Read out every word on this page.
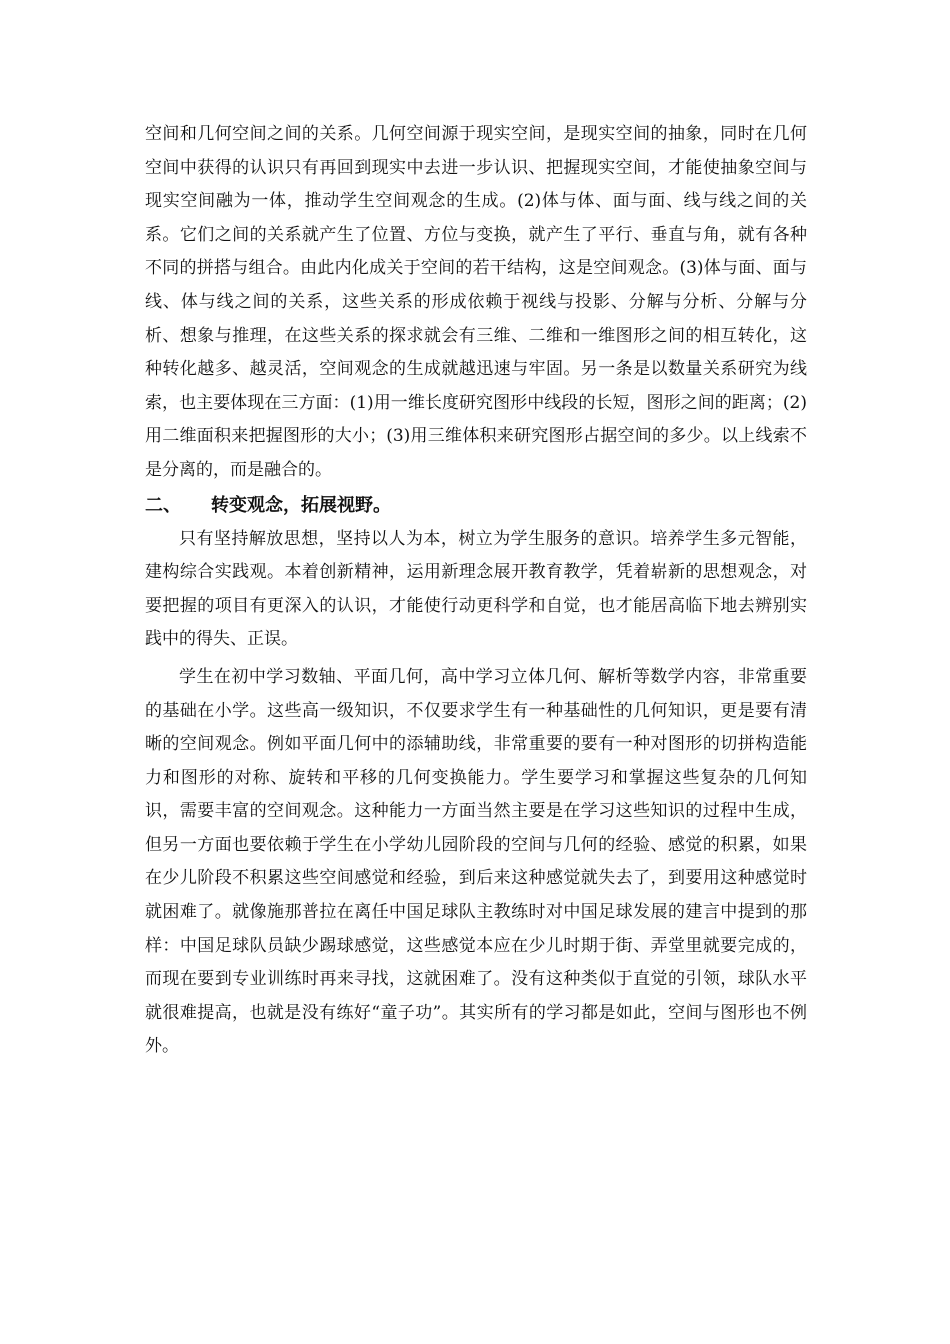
空间和几何空间之间的关系。几何空间源于现实空间，是现实空间的抽象，同时在几何空间中获得的认识只有再回到现实中去进一步认识、把握现实空间，才能使抽象空间与现实空间融为一体，推动学生空间观念的生成。(2)体与体、面与面、线与线之间的关系。它们之间的关系就产生了位置、方位与变换，就产生了平行、垂直与角，就有各种不同的拼搭与组合。由此内化成关于空间的若干结构，这是空间观念。(3)体与面、面与线、体与线之间的关系，这些关系的形成依赖于视线与投影、分解与分析、分解与分析、想象与推理，在这些关系的探求就会有三维、二维和一维图形之间的相互转化，这种转化越多、越灵活，空间观念的生成就越迅速与牢固。另一条是以数量关系研究为线索，也主要体现在三方面：(1)用一维长度研究图形中线段的长短，图形之间的距离；(2)用二维面积来把握图形的大小；(3)用三维体积来研究图形占据空间的多少。以上线索不是分离的，而是融合的。

二、 转变观念，拓展视野。

只有坚持解放思想，坚持以人为本，树立为学生服务的意识。培养学生多元智能，建构综合实践观。本着创新精神，运用新理念展开教育教学，凭着崭新的思想观念，对要把握的项目有更深入的认识，才能使行动更科学和自觉，也才能居高临下地去辨别实践中的得失、正误。

学生在初中学习数轴、平面几何，高中学习立体几何、解析等数学内容，非常重要的基础在小学。这些高一级知识，不仅要求学生有一种基础性的几何知识，更是要有清晰的空间观念。例如平面几何中的添辅助线，非常重要的要有一种对图形的切拼构造能力和图形的对称、旋转和平移的几何变换能力。学生要学习和掌握这些复杂的几何知识，需要丰富的空间观念。这种能力一方面当然主要是在学习这些知识的过程中生成，但另一方面也要依赖于学生在小学幼儿园阶段的空间与几何的经验、感觉的积累，如果在少儿阶段不积累这些空间感觉和经验，到后来这种感觉就失去了，到要用这种感觉时就困难了。就像施那普拉在离任中国足球队主教练时对中国足球发展的建言中提到的那样：中国足球队员缺少踢球感觉，这些感觉本应在少儿时期于街、弄堂里就要完成的，而现在要到专业训练时再来寻找，这就困难了。没有这种类似于直觉的引领，球队水平就很难提高，也就是没有练好“童子功”。其实所有的学习都是如此，空间与图形也不例外。
